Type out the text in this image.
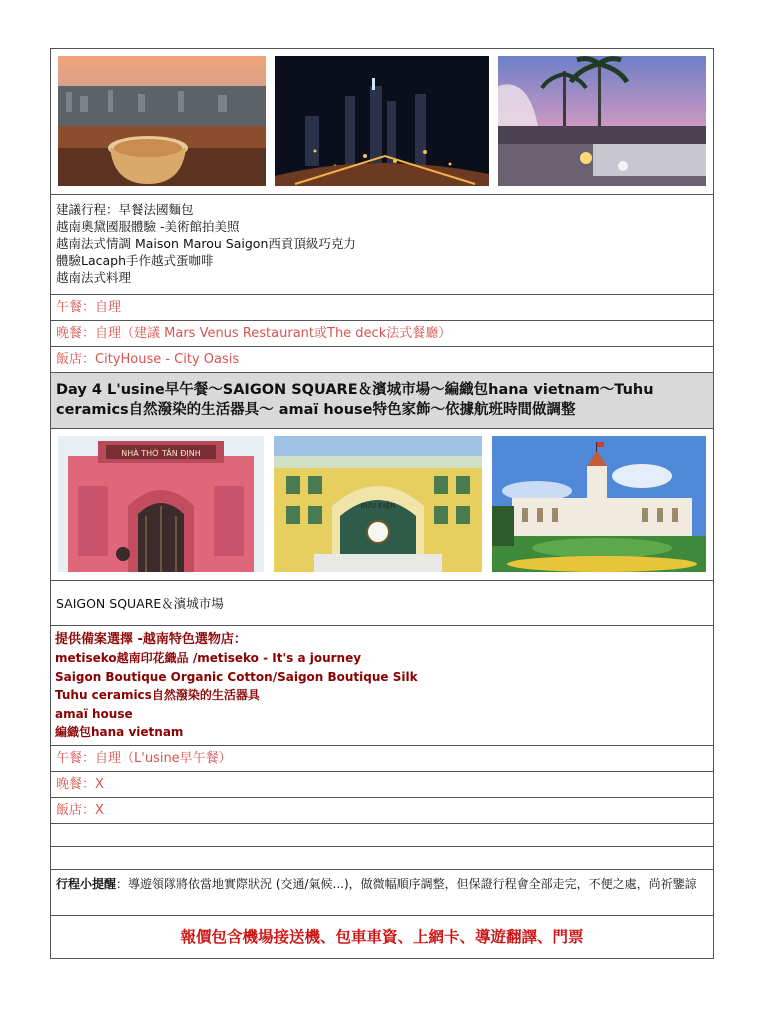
建議行程：早餐法國麵包
越南奧黛國服體驗 -美術館拍美照
越南法式情調 Maison Marou Saigon西貢頂級巧克力
體驗Lacaph手作越式蛋咖啡
越南法式料理
午餐：自理
晚餐：自理（建議 Mars Venus Restaurant或The deck法式餐廳）
飯店：CityHouse - City Oasis
Day 4 L'usine早午餐～SAIGON SQUARE＆濱城市場～編織包hana vietnam～Tuhu
ceramics自然潑染的生活器具～ amaï house特色家飾～依據航班時間做調整
NHÀ THỜ TÂN ĐỊNH
BƯU ĐIỆN
SAIGON SQUARE＆濱城市場
提供備案選擇 -越南特色選物店：
metiseko越南印花織品 /metiseko - It's a journey
Saigon Boutique Organic Cotton/Saigon Boutique Silk
Tuhu ceramics自然潑染的生活器具
amaï house
編織包hana vietnam
午餐：自理（L'usine早午餐）
晚餐：X
飯店：X
行程小提醒：導遊領隊將依當地實際狀況 (交通/氣候...)，做微幅順序調整，但保證行程會全部走完，不便之處，尚祈鑒諒
報價包含機場接送機、包車車資、上網卡、導遊翻譯、門票
